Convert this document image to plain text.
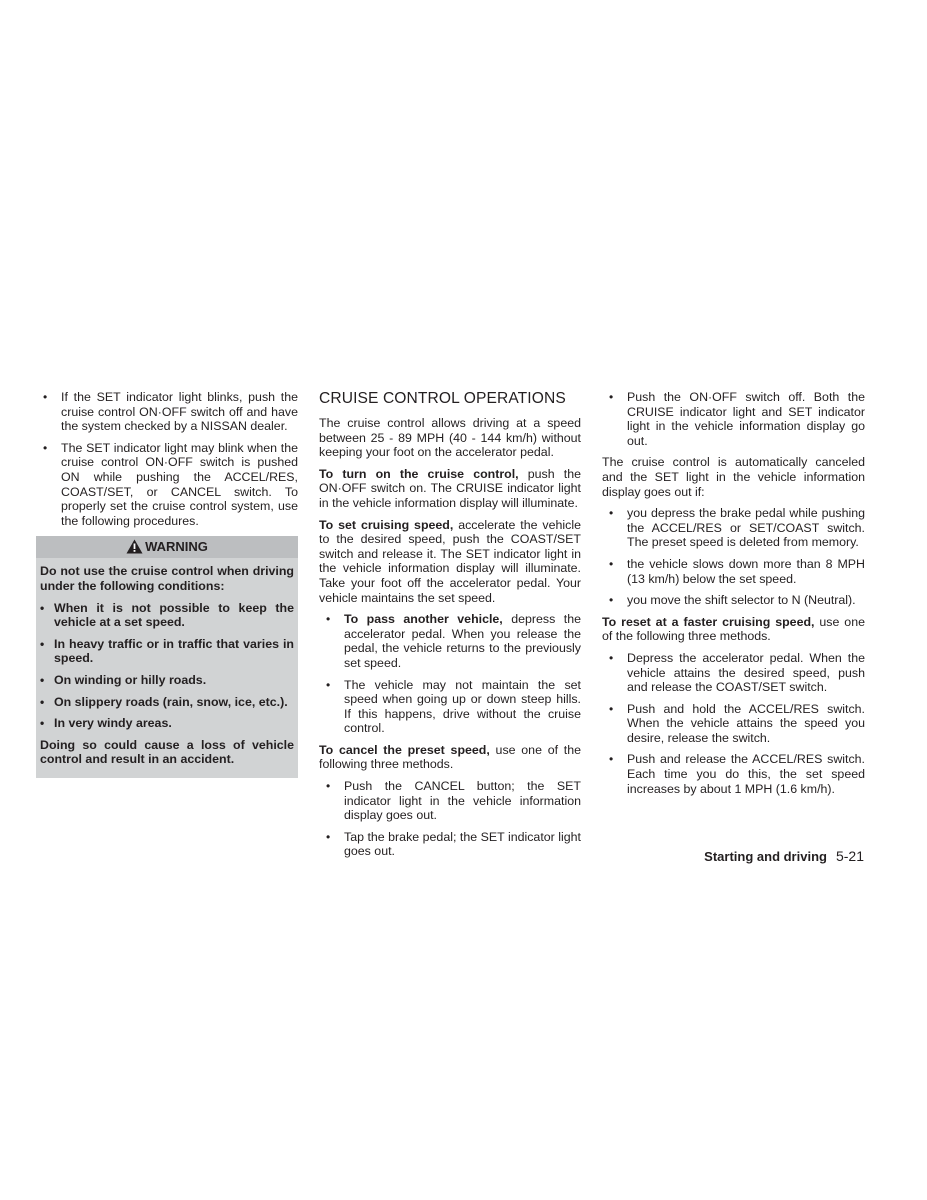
• If the SET indicator light blinks, push the cruise control ON·OFF switch off and have the system checked by a NISSAN dealer.
• The SET indicator light may blink when the cruise control ON·OFF switch is pushed ON while pushing the ACCEL/RES, COAST/SET, or CANCEL switch. To properly set the cruise control system, use the following procedures.
WARNING

Do not use the cruise control when driving under the following conditions:

• When it is not possible to keep the vehicle at a set speed.
• In heavy traffic or in traffic that varies in speed.
• On winding or hilly roads.
• On slippery roads (rain, snow, ice, etc.).
• In very windy areas.

Doing so could cause a loss of vehicle control and result in an accident.

CRUISE CONTROL OPERATIONS

The cruise control allows driving at a speed between 25 - 89 MPH (40 - 144 km/h) without keeping your foot on the accelerator pedal.

To turn on the cruise control, push the ON·OFF switch on. The CRUISE indicator light in the vehicle information display will illuminate.

To set cruising speed, accelerate the vehicle to the desired speed, push the COAST/SET switch and release it. The SET indicator light in the vehicle information display will illuminate. Take your foot off the accelerator pedal. Your vehicle maintains the set speed.

• To pass another vehicle, depress the accelerator pedal. When you release the pedal, the vehicle returns to the previously set speed.
• The vehicle may not maintain the set speed when going up or down steep hills. If this happens, drive without the cruise control.

To cancel the preset speed, use one of the following three methods.

• Push the CANCEL button; the SET indicator light in the vehicle information display goes out.
• Tap the brake pedal; the SET indicator light goes out.
• Push the ON·OFF switch off. Both the CRUISE indicator light and SET indicator light in the vehicle information display go out.

The cruise control is automatically canceled and the SET light in the vehicle information display goes out if:

• you depress the brake pedal while pushing the ACCEL/RES or SET/COAST switch. The preset speed is deleted from memory.
• the vehicle slows down more than 8 MPH (13 km/h) below the set speed.
• you move the shift selector to N (Neutral).

To reset at a faster cruising speed, use one of the following three methods.

• Depress the accelerator pedal. When the vehicle attains the desired speed, push and release the COAST/SET switch.
• Push and hold the ACCEL/RES switch. When the vehicle attains the speed you desire, release the switch.
• Push and release the ACCEL/RES switch. Each time you do this, the set speed increases by about 1 MPH (1.6 km/h).
Starting and driving 5-21
